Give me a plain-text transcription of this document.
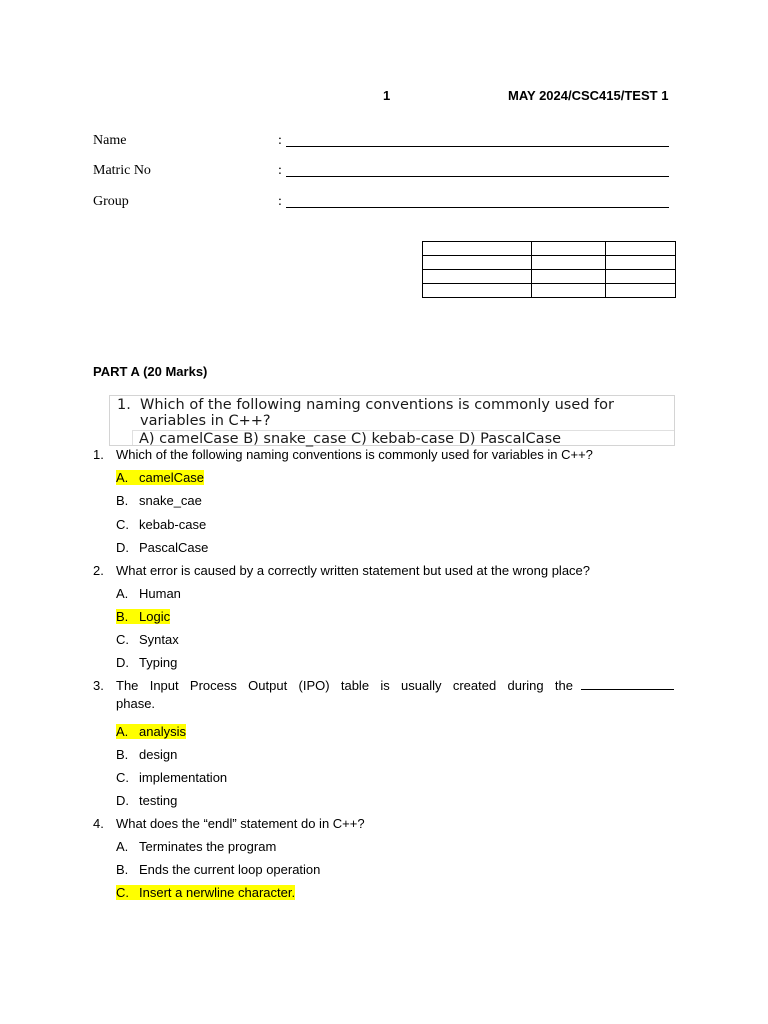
1	MAY 2024/CSC415/TEST 1
Name	:
Matric No	:
Group	:

PART A (20 Marks)
1. Which of the following naming conventions is commonly used for variables in C++?
A) camelCase B) snake_case C) kebab-case D) PascalCase
1. Which of the following naming conventions is commonly used for variables in C++?
A. camelCase
B. snake_cae
C. kebab-case
D. PascalCase
2. What error is caused by a correctly written statement but used at the wrong place?
A. Human
B. Logic
C. Syntax
D. Typing
3. The Input Process Output (IPO) table is usually created during the
phase.
A. analysis
B. design
C. implementation
D. testing
4. What does the “endl” statement do in C++?
A. Terminates the program
B. Ends the current loop operation
C. Insert a nerwline character.
